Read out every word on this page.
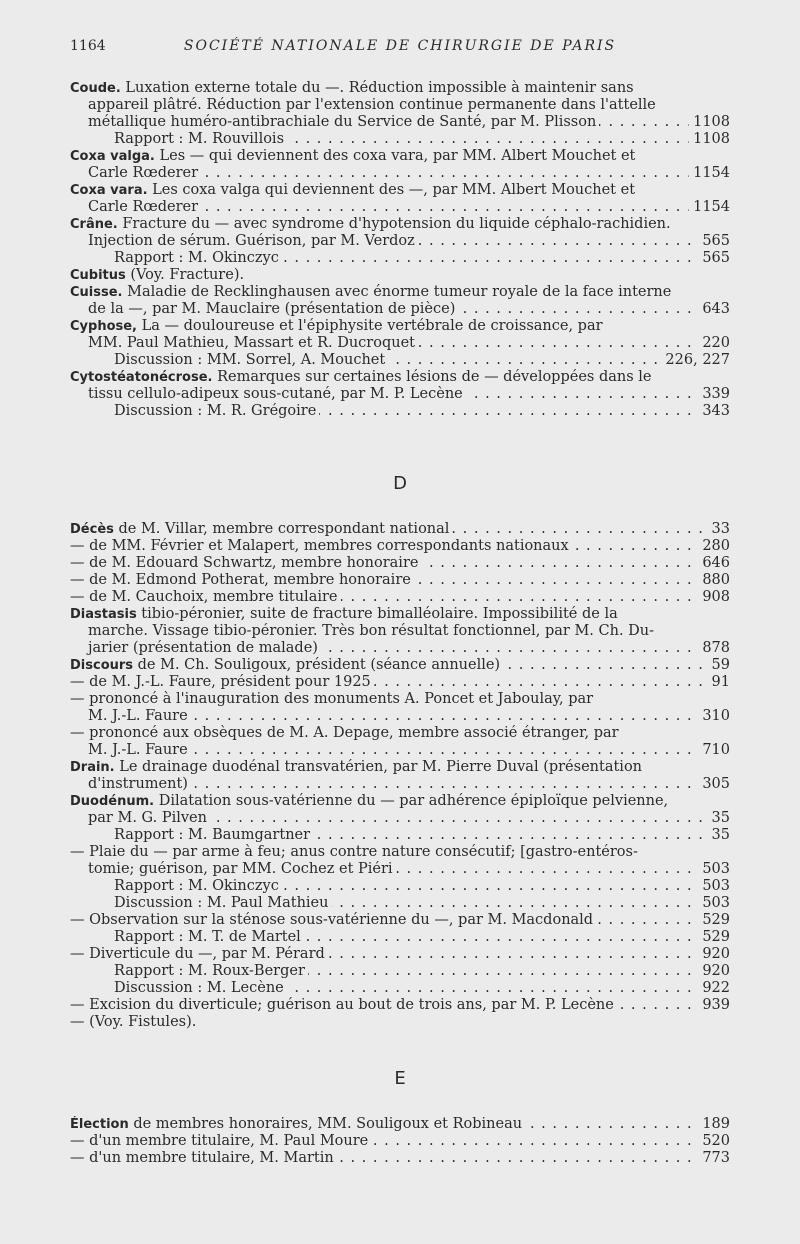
1164	SOCIÉTÉ NATIONALE DE CHIRURGIE DE PARIS
Coude. Luxation externe totale du —. Réduction impossible à maintenir sans
appareil plâtré. Réduction par l'extension continue permanente dans l'attelle
métallique huméro-antibrachiale du Service de Santé, par M. Plisson	1108
. . .
Rapport : M. Rouvillois	1108
. . .
Coxa valga. Les — qui deviennent des coxa vara, par MM. Albert Mouchet et
Carle Rœderer	1154
. . .
Coxa vara. Les coxa valga qui deviennent des —, par MM. Albert Mouchet et
Carle Rœderer	1154
. . .
Crâne. Fracture du — avec syndrome d'hypotension du liquide céphalo-rachidien.
Injection de sérum. Guérison, par M. Verdoz	565
. . .
Rapport : M. Okinczyc	565
. . .
Cubitus (Voy. Fracture).
Cuisse. Maladie de Recklinghausen avec énorme tumeur royale de la face interne
de la —, par M. Mauclaire (présentation de pièce)	643
. . .
Cyphose, La — douloureuse et l'épiphysite vertébrale de croissance, par
MM. Paul Mathieu, Massart et R. Ducroquet	220
. . .
Discussion : MM. Sorrel, A. Mouchet	226, 227
. . .
Cytostéatonécrose. Remarques sur certaines lésions de — développées dans le
tissu cellulo-adipeux sous-cutané, par M. P. Lecène	339
. . .
Discussion : M. R. Grégoire	343
. . .
D
Décès de M. Villar, membre correspondant national	33
. . .
— de MM. Février et Malapert, membres correspondants nationaux	280
. . .
— de M. Edouard Schwartz, membre honoraire	646
. . .
— de M. Edmond Potherat, membre honoraire	880
. . .
— de M. Cauchoix, membre titulaire	908
. . .
Diastasis tibio-péronier, suite de fracture bimalléolaire. Impossibilité de la
marche. Vissage tibio-péronier. Très bon résultat fonctionnel, par M. Ch. Du-
jarier (présentation de malade)	878
. . .
Discours de M. Ch. Souligoux, président (séance annuelle)	59
. . .
— de M. J.-L. Faure, président pour 1925	91
. . .
— prononcé à l'inauguration des monuments A. Poncet et Jaboulay, par
M. J.-L. Faure	310
. . .
— prononcé aux obsèques de M. A. Depage, membre associé étranger, par
M. J.-L. Faure	710
. . .
Drain. Le drainage duodénal transvatérien, par M. Pierre Duval (présentation
d'instrument)	305
. . .
Duodénum. Dilatation sous-vatérienne du — par adhérence épiploïque pelvienne,
par M. G. Pilven	35
. . .
Rapport : M. Baumgartner	35
. . .
— Plaie du — par arme à feu; anus contre nature consécutif; [gastro-entéros-
tomie; guérison, par MM. Cochez et Piéri	503
. . .
Rapport : M. Okinczyc	503
. . .
Discussion : M. Paul Mathieu	503
. . .
— Observation sur la sténose sous-vatérienne du —, par M. Macdonald	529
. . .
Rapport : M. T. de Martel	529
. . .
— Diverticule du —, par M. Pérard	920
. . .
Rapport : M. Roux-Berger	920
. . .
Discussion : M. Lecène	922
. . .
— Excision du diverticule; guérison au bout de trois ans, par M. P. Lecène	939
. . .
— (Voy. Fistules).
E
Élection de membres honoraires, MM. Souligoux et Robineau	189
. . .
— d'un membre titulaire, M. Paul Moure	520
. . .
— d'un membre titulaire, M. Martin	773
. . .
